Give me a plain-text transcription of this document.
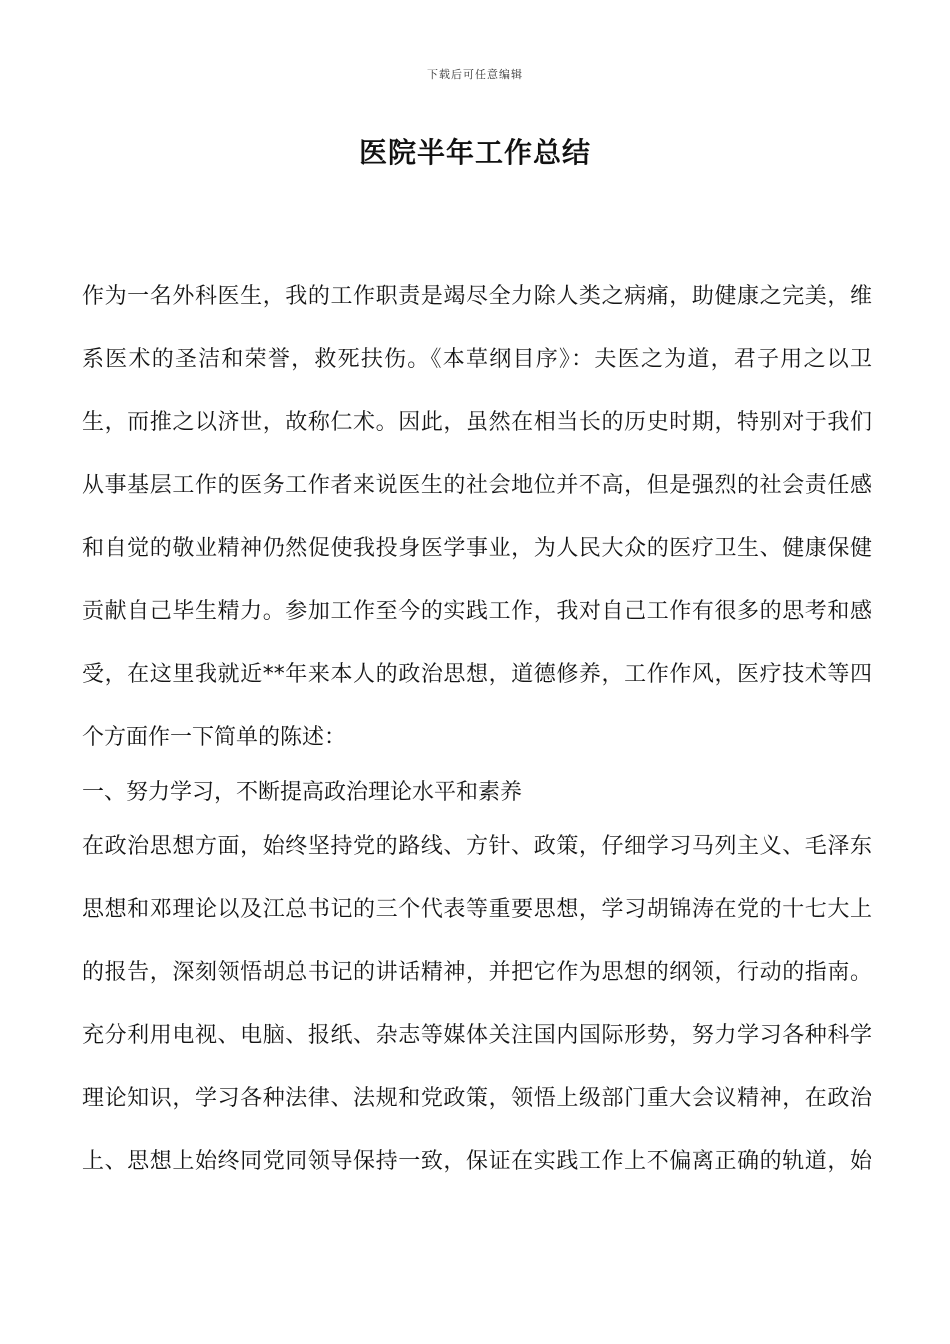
下载后可任意编辑
医院半年工作总结
作为一名外科医生，我的工作职责是竭尽全力除人类之病痛，助健康之完美，维
系医术的圣洁和荣誉，救死扶伤。《本草纲目序》：夫医之为道，君子用之以卫
生，而推之以济世，故称仁术。因此，虽然在相当长的历史时期，特别对于我们
从事基层工作的医务工作者来说医生的社会地位并不高，但是强烈的社会责任感
和自觉的敬业精神仍然促使我投身医学事业，为人民大众的医疗卫生、健康保健
贡献自己毕生精力。参加工作至今的实践工作，我对自己工作有很多的思考和感
受，在这里我就近**年来本人的政治思想，道德修养，工作作风，医疗技术等四
个方面作一下简单的陈述：
一、努力学习，不断提高政治理论水平和素养
在政治思想方面，始终坚持党的路线、方针、政策，仔细学习马列主义、毛泽东
思想和邓理论以及江总书记的三个代表等重要思想，学习胡锦涛在党的十七大上
的报告，深刻领悟胡总书记的讲话精神，并把它作为思想的纲领，行动的指南。
充分利用电视、电脑、报纸、杂志等媒体关注国内国际形势，努力学习各种科学
理论知识，学习各种法律、法规和党政策，领悟上级部门重大会议精神，在政治
上、思想上始终同党同领导保持一致，保证在实践工作上不偏离正确的轨道，始
